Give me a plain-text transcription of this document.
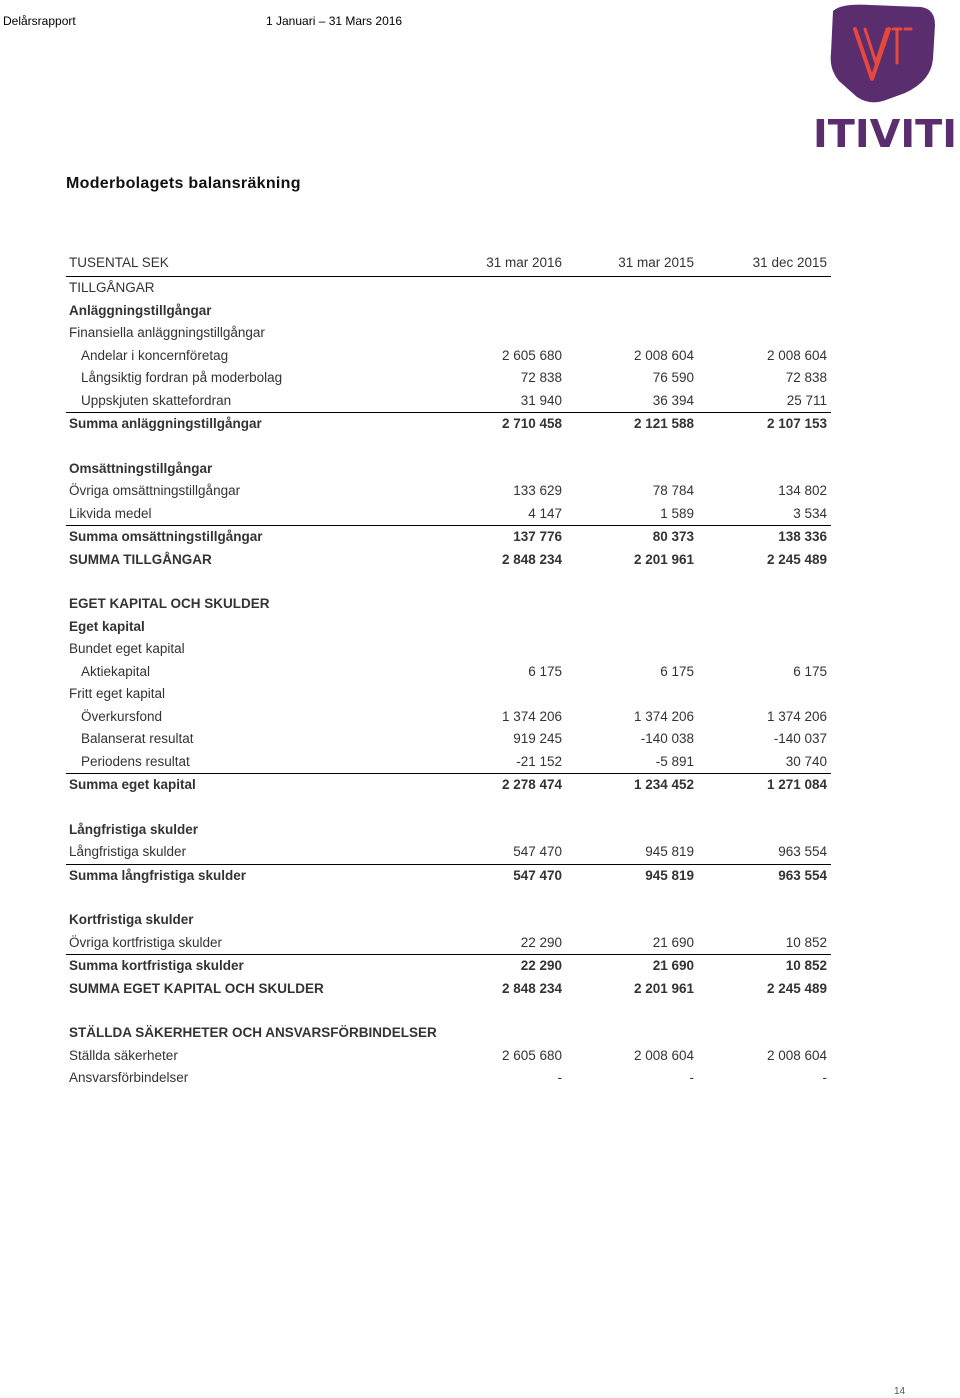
Delårsrapport	1 Januari – 31 Mars 2016
ITIVITI
Moderbolagets balansräkning
TUSENTAL SEK	31 mar 2016	31 mar 2015	31 dec 2015
TILLGÅNGAR
Anläggningstillgångar
Finansiella anläggningstillgångar
Andelar i koncernföretag	2 605 680	2 008 604	2 008 604
Långsiktig fordran på moderbolag	72 838	76 590	72 838
Uppskjuten skattefordran	31 940	36 394	25 711
Summa anläggningstillgångar	2 710 458	2 121 588	2 107 153
Omsättningstillgångar
Övriga omsättningstillgångar	133 629	78 784	134 802
Likvida medel	4 147	1 589	3 534
Summa omsättningstillgångar	137 776	80 373	138 336
SUMMA TILLGÅNGAR	2 848 234	2 201 961	2 245 489
EGET KAPITAL OCH SKULDER
Eget kapital
Bundet eget kapital
Aktiekapital	6 175	6 175	6 175
Fritt eget kapital
Överkursfond	1 374 206	1 374 206	1 374 206
Balanserat resultat	919 245	-140 038	-140 037
Periodens resultat	-21 152	-5 891	30 740
Summa eget kapital	2 278 474	1 234 452	1 271 084
Långfristiga skulder
Långfristiga skulder	547 470	945 819	963 554
Summa långfristiga skulder	547 470	945 819	963 554
Kortfristiga skulder
Övriga kortfristiga skulder	22 290	21 690	10 852
Summa kortfristiga skulder	22 290	21 690	10 852
SUMMA EGET KAPITAL OCH SKULDER	2 848 234	2 201 961	2 245 489
STÄLLDA SÄKERHETER OCH ANSVARSFÖRBINDELSER
Ställda säkerheter	2 605 680	2 008 604	2 008 604
Ansvarsförbindelser	-	-	-
14
